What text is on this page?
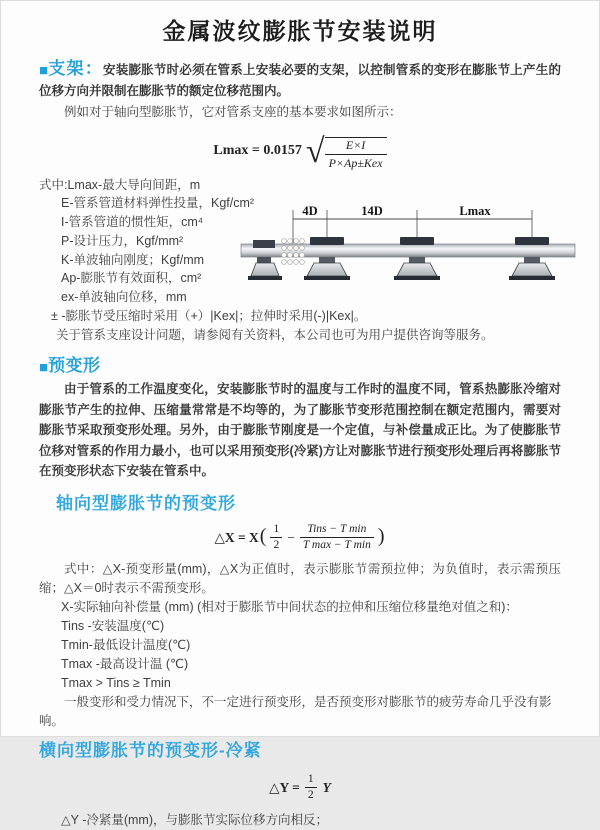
金属波纹膨胀节安装说明

■支架：安装膨胀节时必须在管系上安装必要的支架，以控制管系的变形在膨胀节上产生的位移方向并限制在膨胀节的额定位移范围内。

例如对于轴向型膨胀节，它对管系支座的基本要求如图所示：

Lmax = 0.0157 √ $\frac{E\times I}{\text{P×Ap±Kex}}$
式中:Lmax-最大导向间距，m
E-管系管道材料弹性投量，Kgf/cm²
I-管系管道的惯性矩，cm⁴
P-设计压力，Kgf/mm²
K-单波轴向刚度；Kgf/mm
Ap-膨胀节有效面积，cm²
ex-单波轴向位移，mm
4D	14D	Lmax

± -膨胀节受压缩时采用（+）|Kex|；拉伸时采用(-)|Kex|。

关于管系支座设计问题，请参阅有关资料，本公司也可为用户提供咨询等服务。

■预变形

由于管系的工作温度变化，安装膨胀节时的温度与工作时的温度不同，管系热膨胀冷缩对膨胀节产生的拉伸、压缩量常常是不均等的，为了膨胀节变形范围控制在额定范围内，需要对膨胀节采取预变形处理。另外，由于膨胀节刚度是一个定值，与补偿量成正比。为了使膨胀节位移对管系的作用力最小，也可以采用预变形(冷紧)方让对膨胀节进行预变形处理后再将膨胀节在预变形状态下安装在管系中。

轴向型膨胀节的预变形
△X = X ( $\frac{1}{2} - \frac{\text{Tins − T min}}{\text{T max − T min}}$ )

式中：△X-预变形量(mm)，△X为正值时，表示膨胀节需预拉伸；为负值时，表示需预压缩；△X＝0时表示不需预变形。

X-实际轴向补偿量 (mm) (相对于膨胀节中间状态的拉伸和压缩位移量绝对值之和)：

Tins -安装温度(℃)

Tmin-最低设计温度(℃)

Tmax -最高设计温 (℃)

Tmax > Tins ≥ Tmin

一般变形和受力情况下，不一定进行预变形，是否预变形对膨胀节的疲劳寿命几乎没有影响。

横向型膨胀节的预变形-冷紧
△Y = $\frac{1}{2}$ Y

△Y -冷紧量(mm)，与膨胀节实际位移方向相反；
